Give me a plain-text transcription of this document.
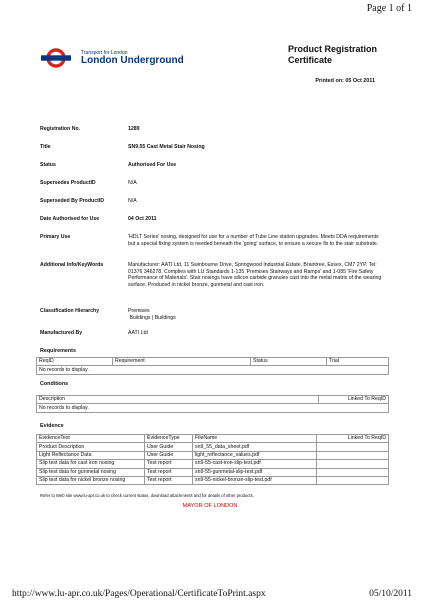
Page 1 of 1
Transport for London
London Underground
Product Registration Certificate
Printed on: 05 Oct 2011
Registration No.	1289
Title	SN9.55 Cast Metal Stair Nosing
Status	Authorised For Use
Supersedes ProductID	N/A
Superseded By ProductID	N/A
Date Authorised for Use	04 Oct 2011
Primary Use	'HDLT Series' nosing, designed for use for a number of Tube Line station upgrades. Meets DDA requirements but a special fixing system is needed beneath the 'going' surface, to ensure a secure fix to the stair substrate.
Additional Info/KeyWords	Manufacturer: AATI Ltd, 11 Swinbourne Drive, Springwood Industrial Estate, Braintree, Essex, CM7 2YP. Tel: 01376 346278. Complies with LU Standards 1-135 'Premises Stairways and Ramps' and 1-085 'Fire Safety Performance of Materials'. Stair nosings have silicon carbide granules cast into the metal matrix of the wearing surface. Produced in nickel bronze, gunmetal and cast iron.
Classification Hierarchy	Premises
Buildings | Buildings
Manufactured By	AATI Ltd
Requirements
ReqID	Requirement	Status	Trial
No records to display.
Conditions
Description	Linked To ReqID
No records to display.
Evidence
EvidenceText	EvidenceType	FileName	Linked To ReqID
Product Description	User Guide	sn9_55_data_sheet.pdf	
Light Reflectance Data	User Guide	light_reflectance_values.pdf	
Slip test data for cast iron nosing	Test report	sn9-55-cast-iron-slip-test.pdf	
Slip test data for gunmetal nosing	Test report	sn9-55-gunmetal-slip-test.pdf	
Slip test data for nickel bronze nosing	Test report	sn9-55-nickel-bronze-slip-test.pdf	
Refer to Web site www.lu-apr.co.uk to check current status, download attachments and for details of other products.
MAYOR OF LONDON
http://www.lu-apr.co.uk/Pages/Operational/CertificateToPrint.aspx	05/10/2011
